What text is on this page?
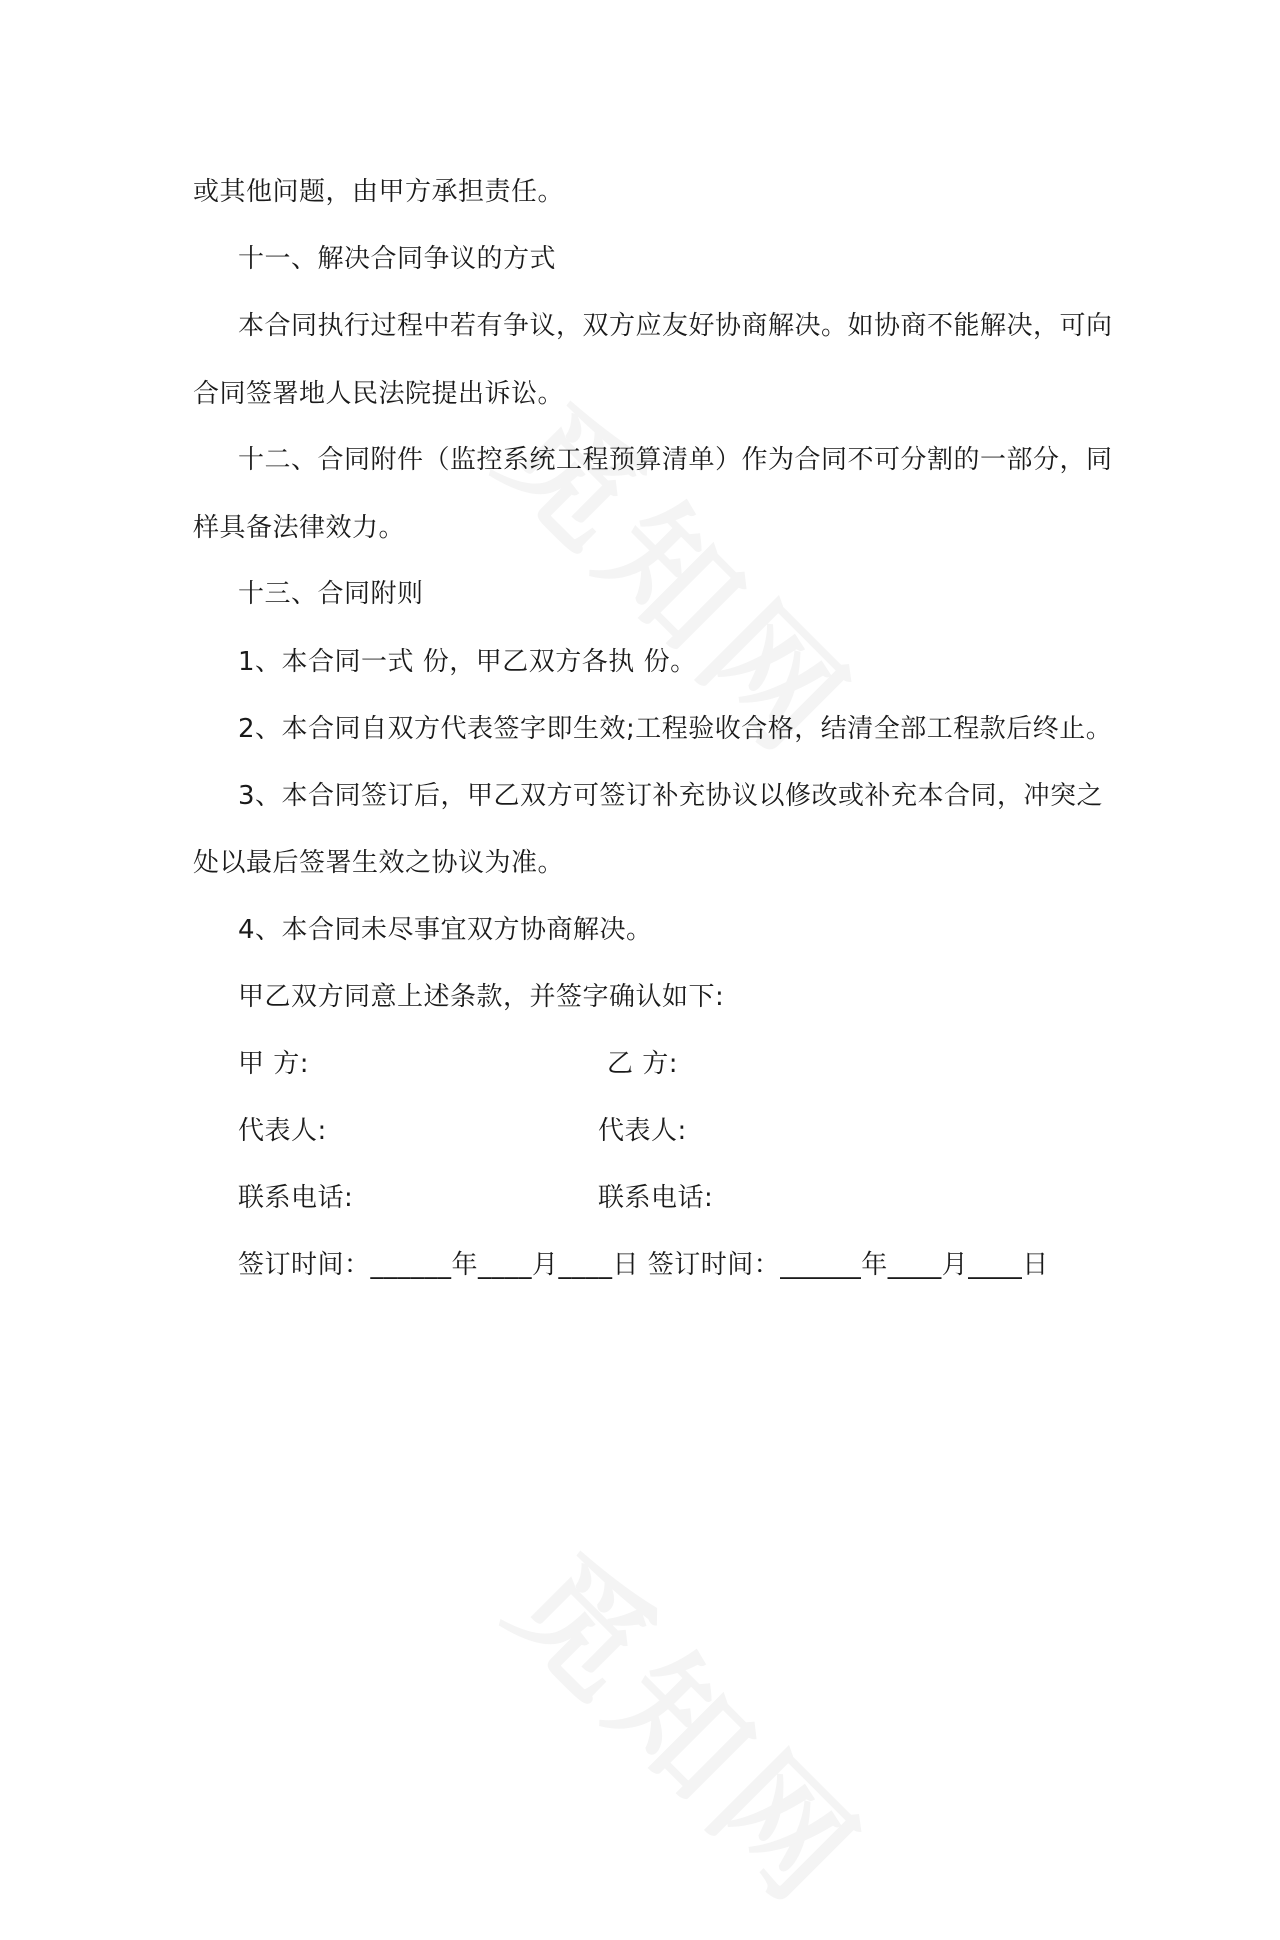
或其他问题，由甲方承担责任。
十一、解决合同争议的方式
本合同执行过程中若有争议，双方应友好协商解决。如协商不能解决，可向
合同签署地人民法院提出诉讼。
十二、合同附件（监控系统工程预算清单）作为合同不可分割的一部分，同
样具备法律效力。
十三、合同附则
1、本合同一式 份，甲乙双方各执 份。
2、本合同自双方代表签字即生效;工程验收合格，结清全部工程款后终止。
3、本合同签订后，甲乙双方可签订补充协议以修改或补充本合同，冲突之
处以最后签署生效之协议为准。
4、本合同未尽事宜双方协商解决。
甲乙双方同意上述条款，并签字确认如下:
甲 方:	乙 方:
代表人:	代表人:
联系电话:	联系电话:
签订时间：______年____月____日 签订时间：______年____月____日
